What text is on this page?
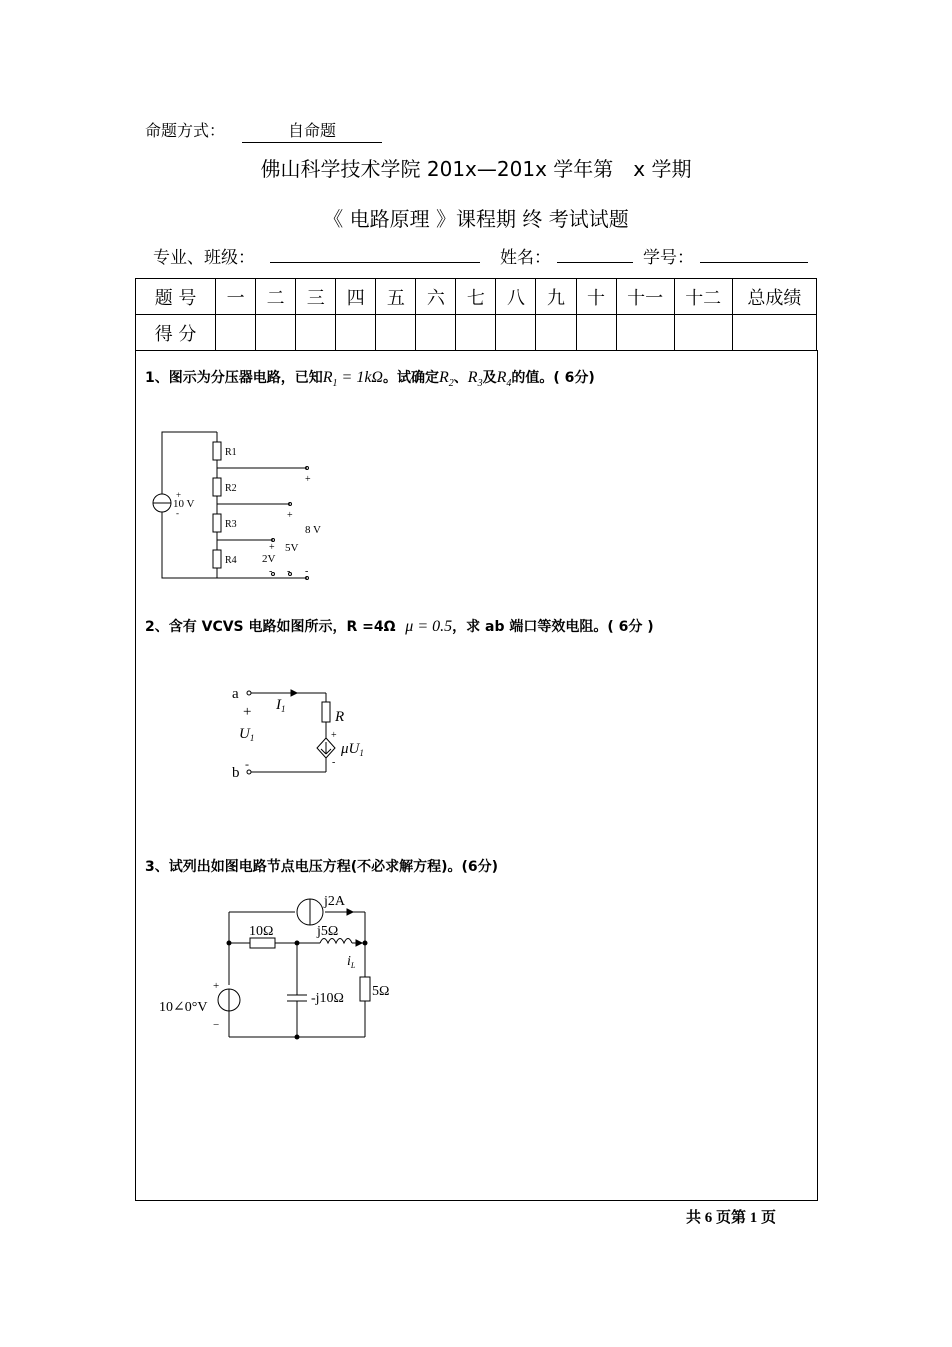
命题方式：	自命题
佛山科学技术学院 201x—201x 学年第　x 学期
《 电路原理 》课程期 终 考试试题
专业、班级：	姓名：	学号：
题 号	一	二	三	四	五	六	七	八	九	十	十一	十二	总成绩
得 分													
1、图示为分压器电路，已知$R_1 = 1k\Omega$。试确定$R_2$、$R_3$及$R_4$的值。( 6分)
R1
R2
R3
R4
10 V
+
-
+
+
+
8 V
5V
2V
- - -
2、含有 VCVS 电路如图所示，R =4Ω μ = 0.5，求 ab 端口等效电阻。( 6分 )
a
b
+
-
$U_1$
$I_1$	R
+
-
$\mu U_1$
3、试列出如图电路节点电压方程(不必求解方程)。(6分)
j2A
10Ω	j5Ω
$i_L$
10∠0°V
-j10Ω 5Ω
+
−
共 6 页第 1 页
